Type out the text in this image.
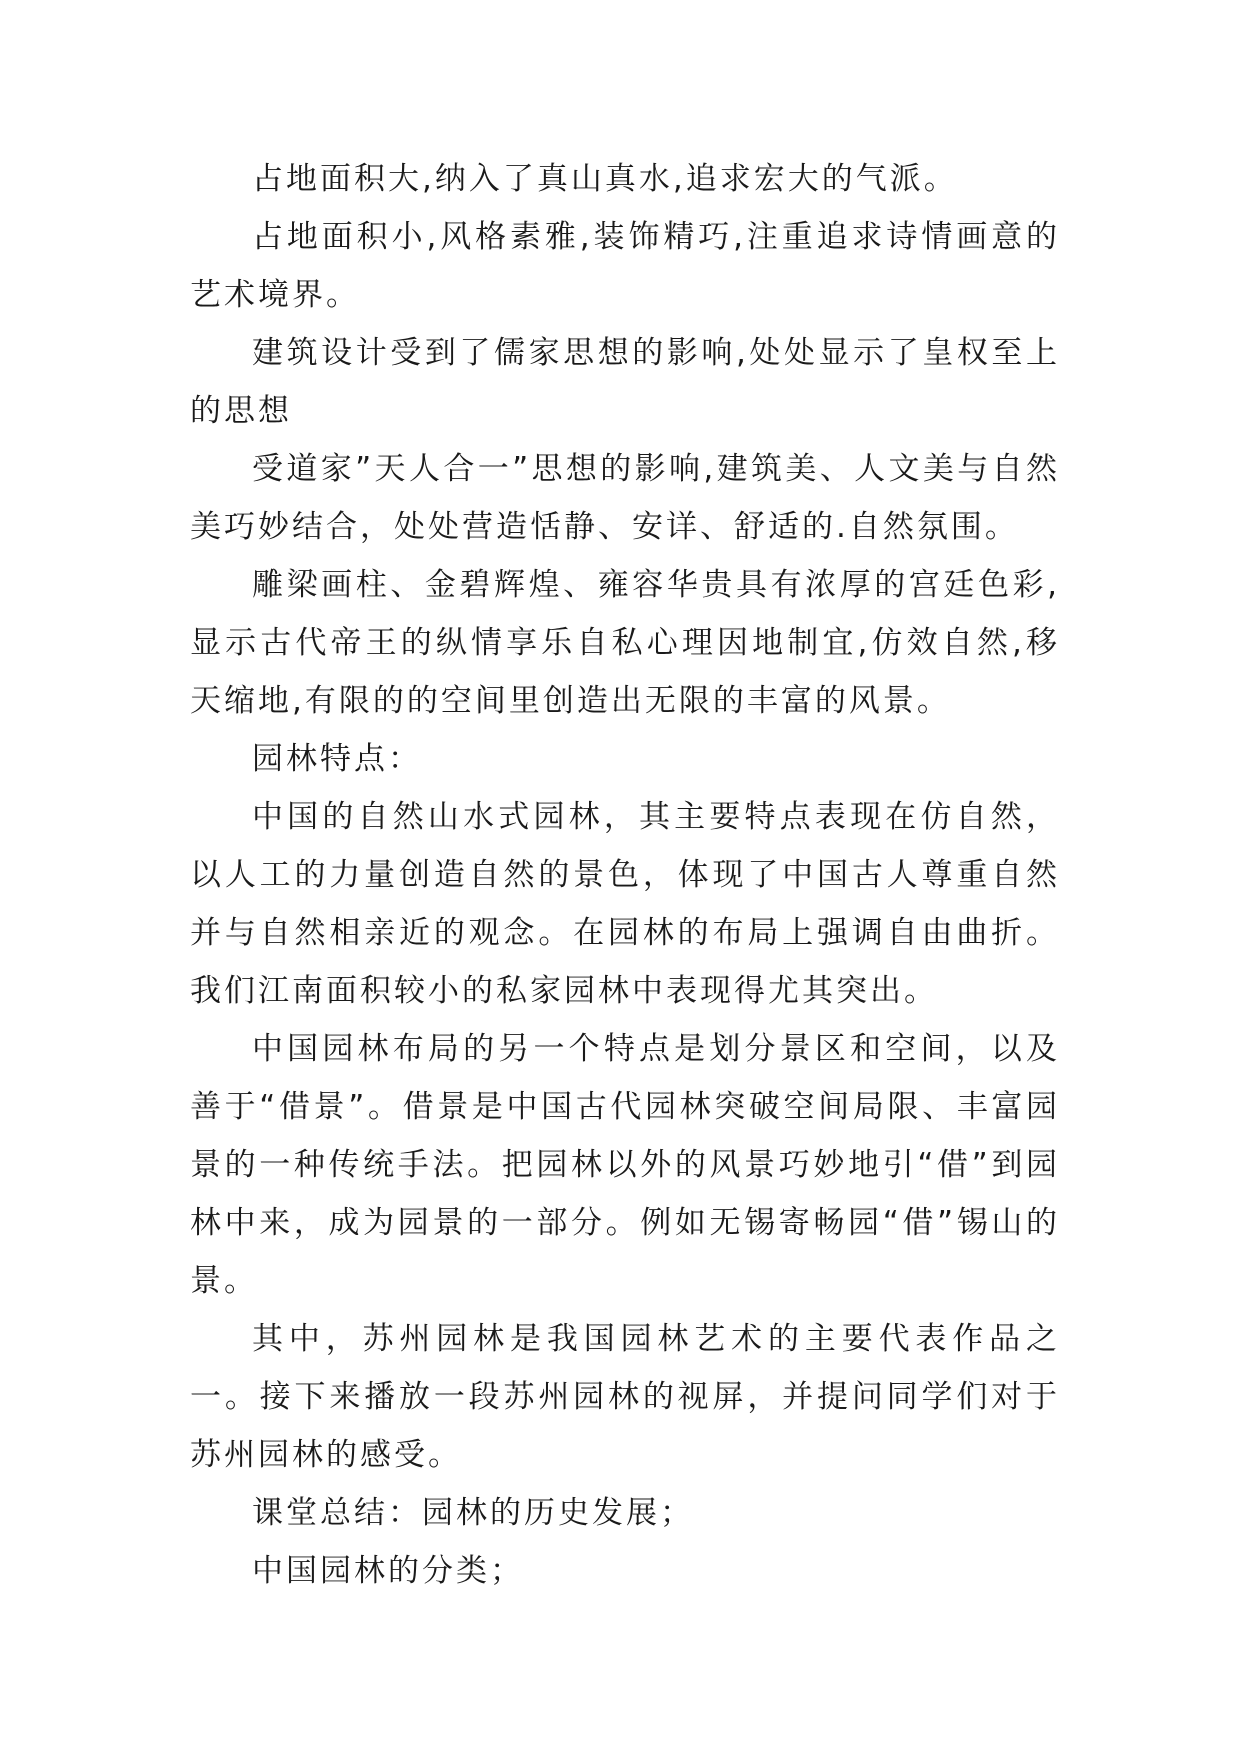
占地面积大,纳入了真山真水,追求宏大的气派。

占地面积小,风格素雅,装饰精巧,注重追求诗情画意的艺术境界。

建筑设计受到了儒家思想的影响,处处显示了皇权至上的思想

受道家”天人合一”思想的影响,建筑美、人文美与自然美巧妙结合，处处营造恬静、安详、舒适的.自然氛围。

雕梁画柱、金碧辉煌、雍容华贵具有浓厚的宫廷色彩,显示古代帝王的纵情享乐自私心理因地制宜,仿效自然,移天缩地,有限的的空间里创造出无限的丰富的风景。

园林特点：

中国的自然山水式园林，其主要特点表现在仿自然，以人工的力量创造自然的景色，体现了中国古人尊重自然并与自然相亲近的观念。在园林的布局上强调自由曲折。我们江南面积较小的私家园林中表现得尤其突出。

中国园林布局的另一个特点是划分景区和空间，以及善于“借景”。借景是中国古代园林突破空间局限、丰富园景的一种传统手法。把园林以外的风景巧妙地引“借”到园林中来，成为园景的一部分。例如无锡寄畅园“借”锡山的景。

其中，苏州园林是我国园林艺术的主要代表作品之一。接下来播放一段苏州园林的视屏，并提问同学们对于苏州园林的感受。

课堂总结：园林的历史发展；

中国园林的分类；
